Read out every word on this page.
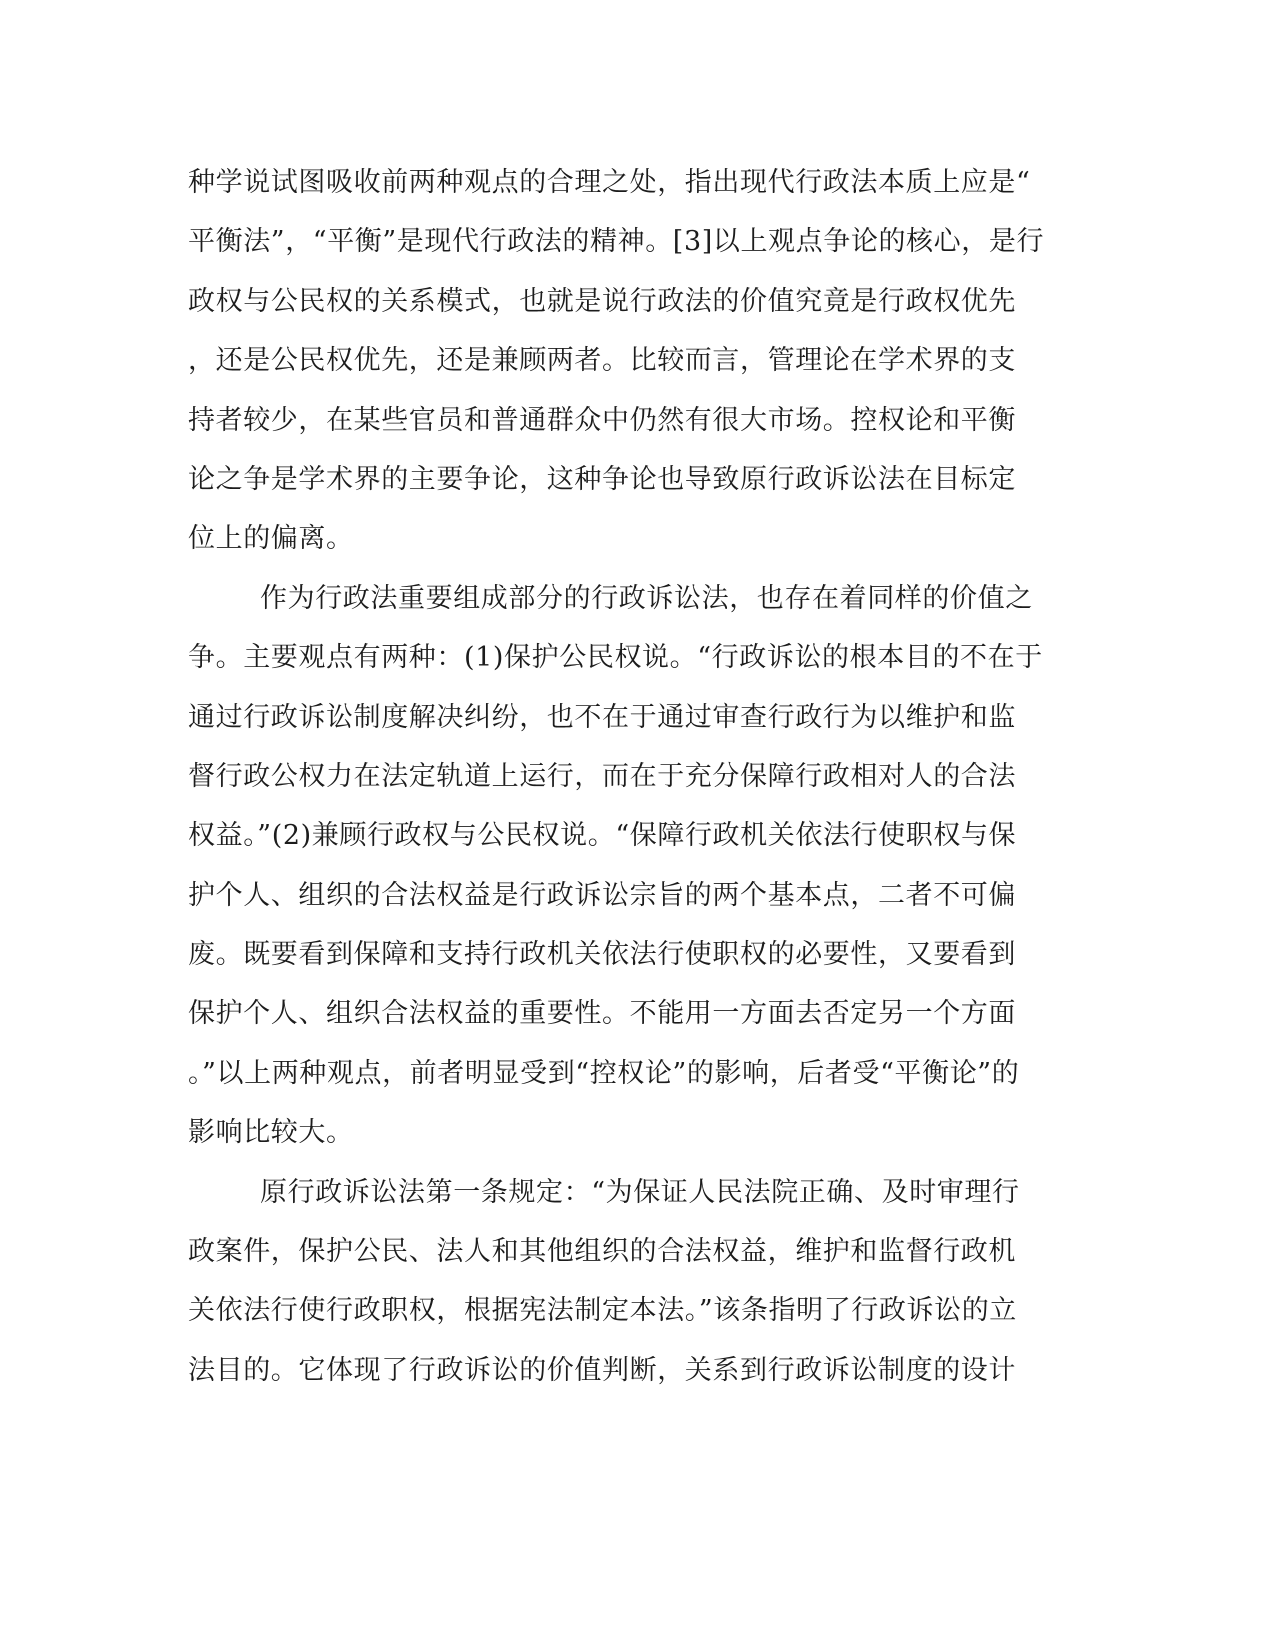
种学说试图吸收前两种观点的合理之处，指出现代行政法本质上应是“
平衡法”，“平衡”是现代行政法的精神。[3]以上观点争论的核心，是行
政权与公民权的关系模式，也就是说行政法的价值究竟是行政权优先
，还是公民权优先，还是兼顾两者。比较而言，管理论在学术界的支
持者较少，在某些官员和普通群众中仍然有很大市场。控权论和平衡
论之争是学术界的主要争论，这种争论也导致原行政诉讼法在目标定
位上的偏离。
作为行政法重要组成部分的行政诉讼法，也存在着同样的价值之
争。主要观点有两种：(1)保护公民权说。“行政诉讼的根本目的不在于
通过行政诉讼制度解决纠纷，也不在于通过审查行政行为以维护和监
督行政公权力在法定轨道上运行，而在于充分保障行政相对人的合法
权益。”(2)兼顾行政权与公民权说。“保障行政机关依法行使职权与保
护个人、组织的合法权益是行政诉讼宗旨的两个基本点，二者不可偏
废。既要看到保障和支持行政机关依法行使职权的必要性，又要看到
保护个人、组织合法权益的重要性。不能用一方面去否定另一个方面
。”以上两种观点，前者明显受到“控权论”的影响，后者受“平衡论”的
影响比较大。
原行政诉讼法第一条规定：“为保证人民法院正确、及时审理行
政案件，保护公民、法人和其他组织的合法权益，维护和监督行政机
关依法行使行政职权，根据宪法制定本法。”该条指明了行政诉讼的立
法目的。它体现了行政诉讼的价值判断，关系到行政诉讼制度的设计
